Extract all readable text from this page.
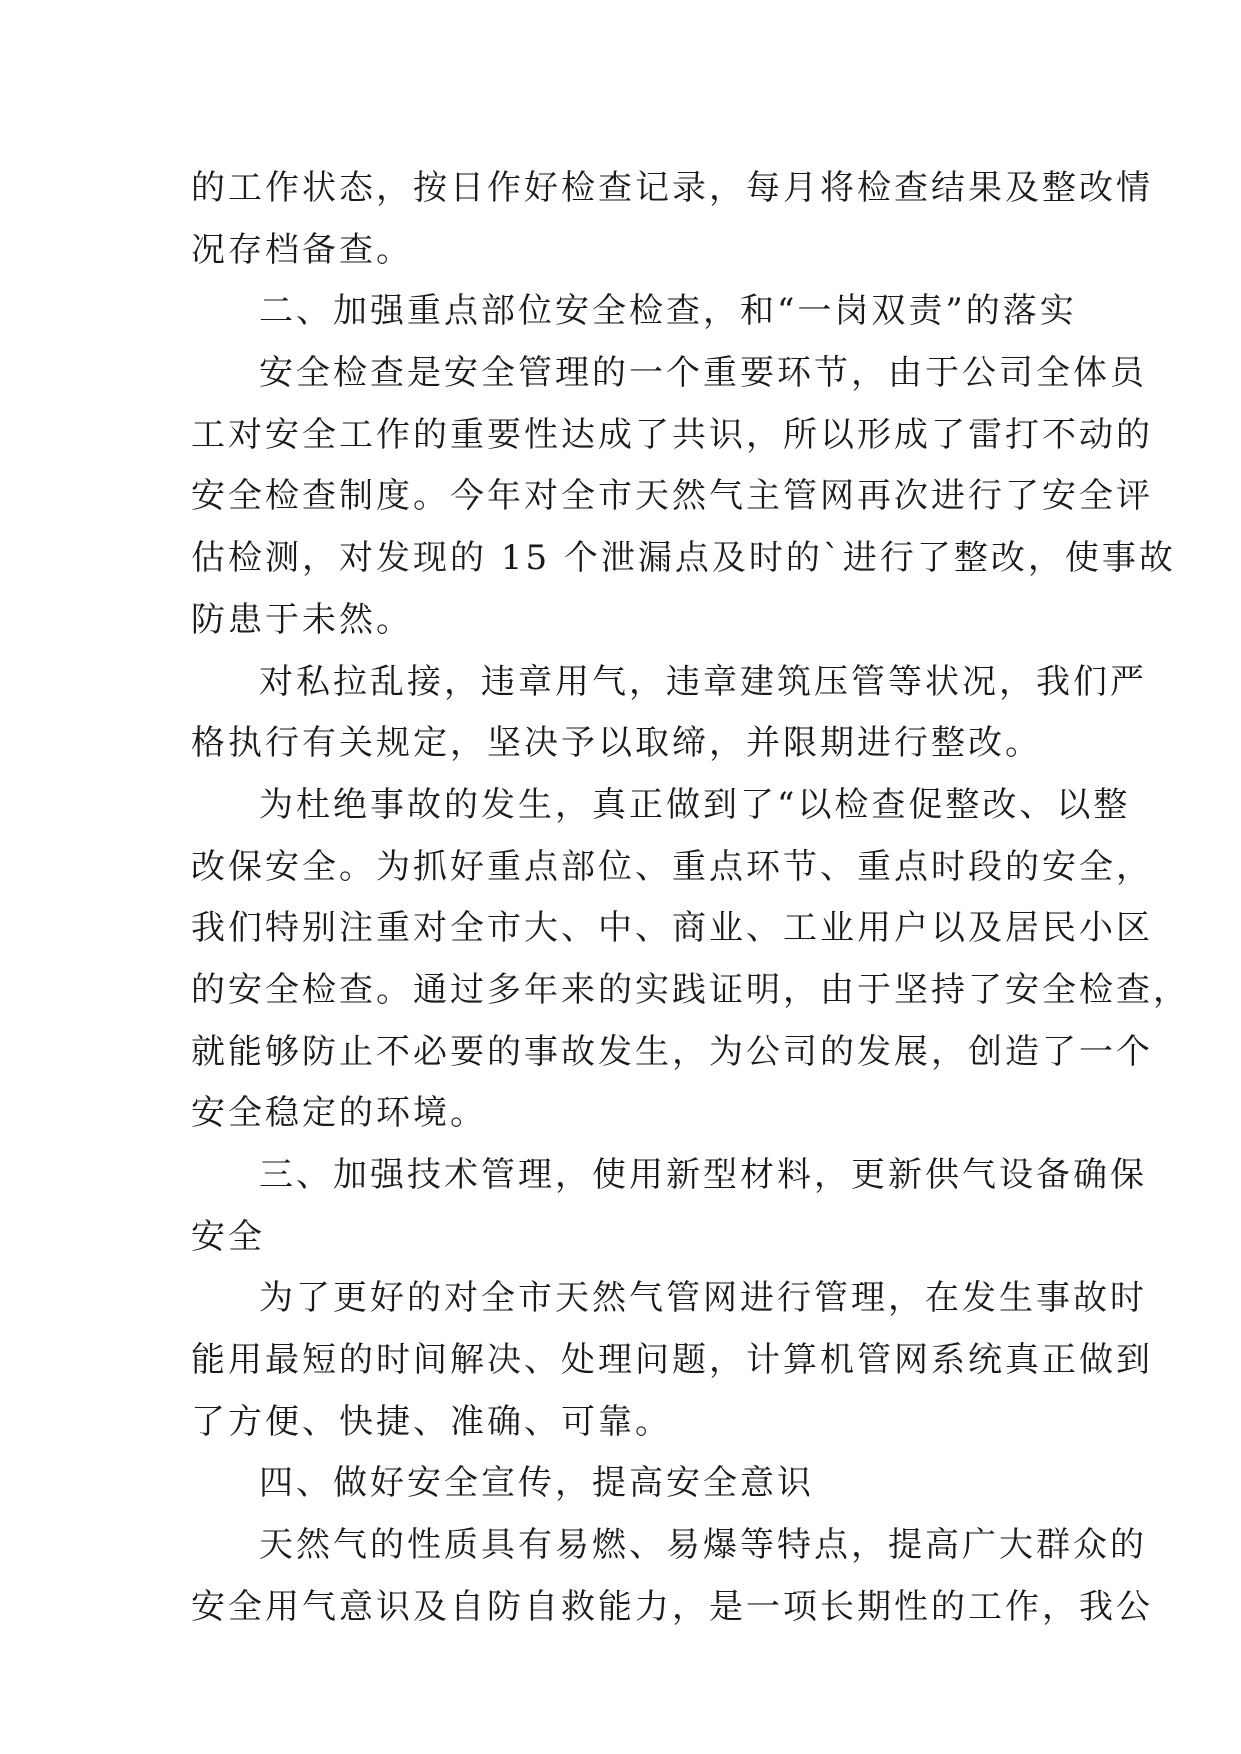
的工作状态，按日作好检查记录，每月将检查结果及整改情
况存档备查。
二、加强重点部位安全检查，和“一岗双责”的落实
安全检查是安全管理的一个重要环节，由于公司全体员
工对安全工作的重要性达成了共识，所以形成了雷打不动的
安全检查制度。今年对全市天然气主管网再次进行了安全评
估检测，对发现的 15 个泄漏点及时的`进行了整改，使事故
防患于未然。
对私拉乱接，违章用气，违章建筑压管等状况，我们严
格执行有关规定，坚决予以取缔，并限期进行整改。
为杜绝事故的发生，真正做到了“以检查促整改、以整
改保安全。为抓好重点部位、重点环节、重点时段的安全，
我们特别注重对全市大、中、商业、工业用户以及居民小区
的安全检查。通过多年来的实践证明，由于坚持了安全检查，
就能够防止不必要的事故发生，为公司的发展，创造了一个
安全稳定的环境。
三、加强技术管理，使用新型材料，更新供气设备确保
安全
为了更好的对全市天然气管网进行管理，在发生事故时
能用最短的时间解决、处理问题，计算机管网系统真正做到
了方便、快捷、准确、可靠。
四、做好安全宣传，提高安全意识
天然气的性质具有易燃、易爆等特点，提高广大群众的
安全用气意识及自防自救能力，是一项长期性的工作，我公
